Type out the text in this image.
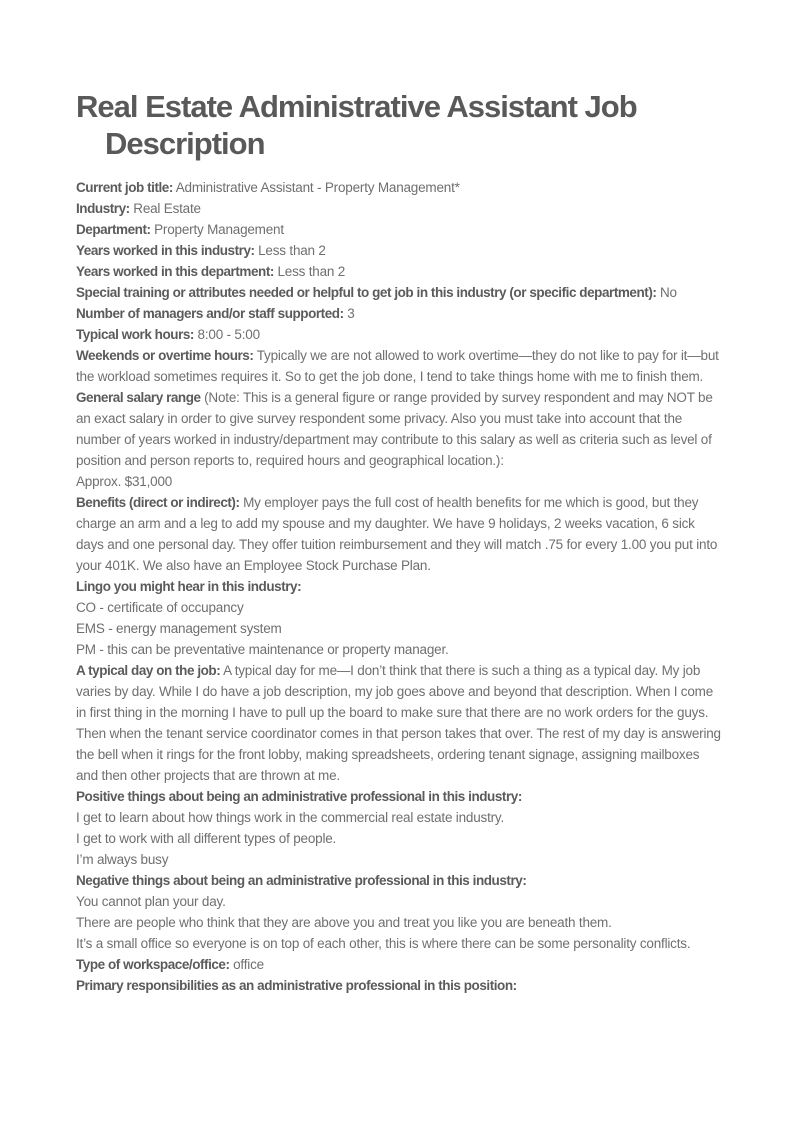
Real Estate Administrative Assistant Job Description

Current job title: Administrative Assistant - Property Management*

Industry: Real Estate

Department: Property Management

Years worked in this industry: Less than 2

Years worked in this department: Less than 2

Special training or attributes needed or helpful to get job in this industry (or specific department): No

Number of managers and/or staff supported: 3

Typical work hours: 8:00 - 5:00

Weekends or overtime hours: Typically we are not allowed to work overtime—they do not like to pay for it—but the workload sometimes requires it. So to get the job done, I tend to take things home with me to finish them.

General salary range (Note: This is a general figure or range provided by survey respondent and may NOT be an exact salary in order to give survey respondent some privacy. Also you must take into account that the number of years worked in industry/department may contribute to this salary as well as criteria such as level of position and person reports to, required hours and geographical location.):

Approx. $31,000

Benefits (direct or indirect): My employer pays the full cost of health benefits for me which is good, but they charge an arm and a leg to add my spouse and my daughter. We have 9 holidays, 2 weeks vacation, 6 sick days and one personal day. They offer tuition reimbursement and they will match .75 for every 1.00 you put into your 401K. We also have an Employee Stock Purchase Plan.

Lingo you might hear in this industry:

CO - certificate of occupancy

EMS - energy management system

PM - this can be preventative maintenance or property manager.

A typical day on the job: A typical day for me—I don’t think that there is such a thing as a typical day. My job varies by day. While I do have a job description, my job goes above and beyond that description. When I come in first thing in the morning I have to pull up the board to make sure that there are no work orders for the guys. Then when the tenant service coordinator comes in that person takes that over. The rest of my day is answering the bell when it rings for the front lobby, making spreadsheets, ordering tenant signage, assigning mailboxes and then other projects that are thrown at me.

Positive things about being an administrative professional in this industry:

I get to learn about how things work in the commercial real estate industry.

I get to work with all different types of people.

I’m always busy

Negative things about being an administrative professional in this industry:

You cannot plan your day.

There are people who think that they are above you and treat you like you are beneath them.

It’s a small office so everyone is on top of each other, this is where there can be some personality conflicts.

Type of workspace/office: office

Primary responsibilities as an administrative professional in this position:
